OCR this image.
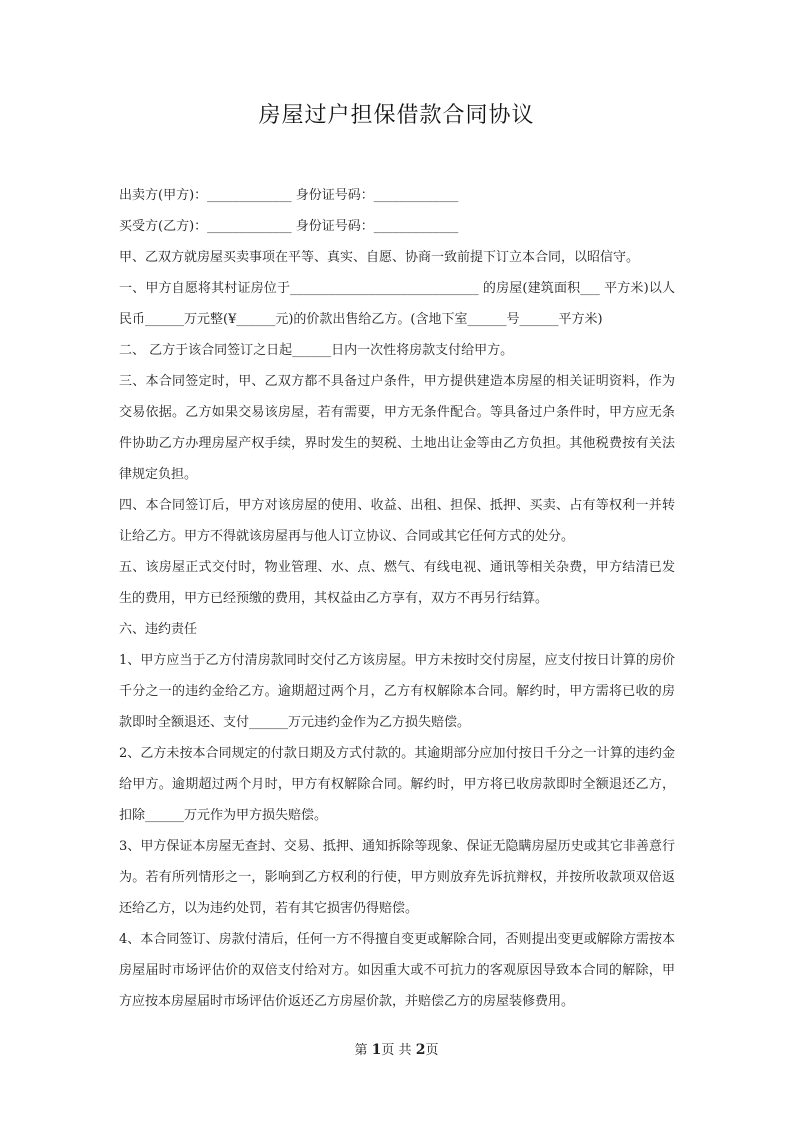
房屋过户担保借款合同协议

出卖方(甲方)：_____________ 身份证号码：_____________

买受方(乙方)：_____________ 身份证号码：_____________

甲、乙双方就房屋买卖事项在平等、真实、自愿、协商一致前提下订立本合同，以昭信守。

一、甲方自愿将其村证房位于_____________________________ 的房屋(建筑面积___ 平方米)以人民币______万元整(¥______元)的价款出售给乙方。(含地下室______号______平方米)

二、 乙方于该合同签订之日起______日内一次性将房款支付给甲方。

三、本合同签定时，甲、乙双方都不具备过户条件，甲方提供建造本房屋的相关证明资料，作为交易依据。乙方如果交易该房屋，若有需要，甲方无条件配合。等具备过户条件时，甲方应无条件协助乙方办理房屋产权手续，界时发生的契税、土地出让金等由乙方负担。其他税费按有关法律规定负担。

四、本合同签订后，甲方对该房屋的使用、收益、出租、担保、抵押、买卖、占有等权利一并转让给乙方。甲方不得就该房屋再与他人订立协议、合同或其它任何方式的处分。

五、该房屋正式交付时，物业管理、水、点、燃气、有线电视、通讯等相关杂费，甲方结清已发生的费用，甲方已经预缴的费用，其权益由乙方享有，双方不再另行结算。

六、违约责任

1、甲方应当于乙方付清房款同时交付乙方该房屋。甲方未按时交付房屋，应支付按日计算的房价千分之一的违约金给乙方。逾期超过两个月，乙方有权解除本合同。解约时，甲方需将已收的房款即时全额退还、支付______万元违约金作为乙方损失赔偿。

2、乙方未按本合同规定的付款日期及方式付款的。其逾期部分应加付按日千分之一计算的违约金给甲方。逾期超过两个月时，甲方有权解除合同。解约时，甲方将已收房款即时全额退还乙方，扣除______万元作为甲方损失赔偿。

3、甲方保证本房屋无查封、交易、抵押、通知拆除等现象、保证无隐瞒房屋历史或其它非善意行为。若有所列情形之一，影响到乙方权利的行使，甲方则放弃先诉抗辩权，并按所收款项双倍返还给乙方，以为违约处罚，若有其它损害仍得赔偿。

4、本合同签订、房款付清后，任何一方不得擅自变更或解除合同，否则提出变更或解除方需按本房屋届时市场评估价的双倍支付给对方。如因重大或不可抗力的客观原因导致本合同的解除，甲方应按本房屋届时市场评估价返还乙方房屋价款，并赔偿乙方的房屋装修费用。

第 1页 共 2页
